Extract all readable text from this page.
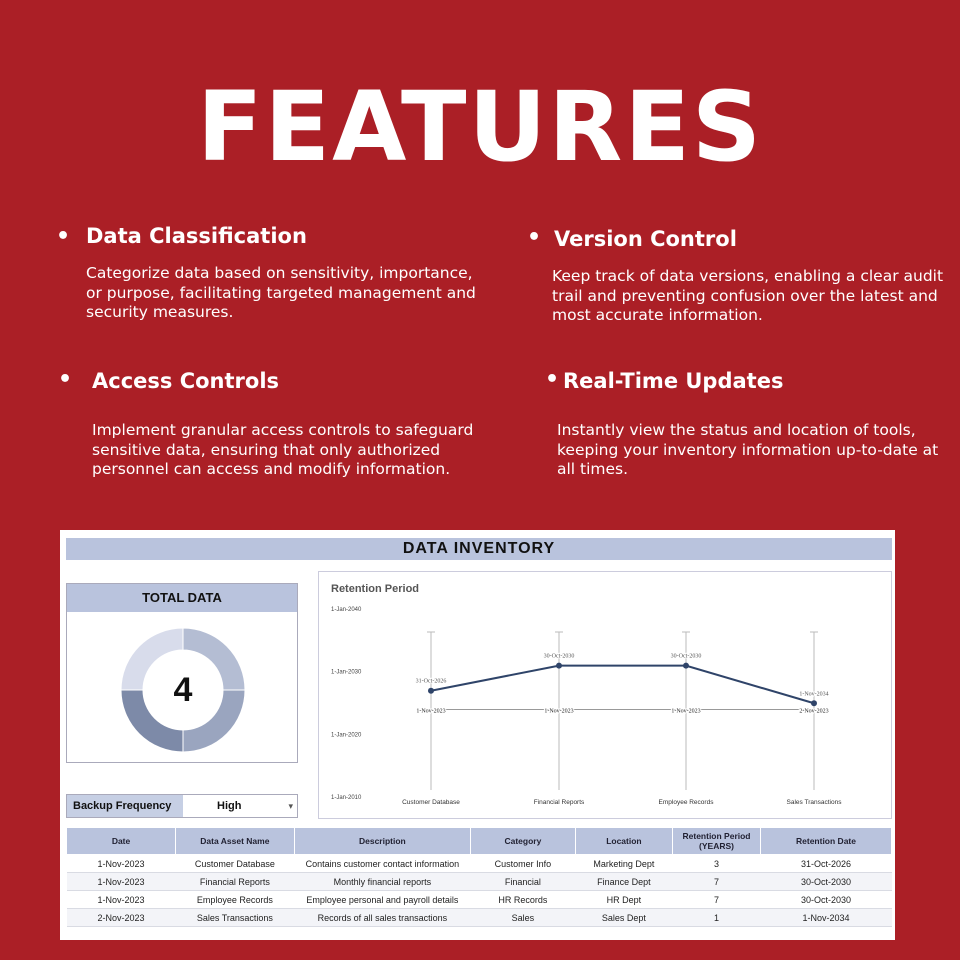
FEATURES
• Data Classification

Categorize data based on sensitivity, importance, or purpose, facilitating targeted management and security measures.

• Version Control

Keep track of data versions, enabling a clear audit trail and preventing confusion over the latest and most accurate information.

• Access Controls

Implement granular access controls to safeguard sensitive data, ensuring that only authorized personnel can access and modify information.

• Real-Time Updates

Instantly view the status and location of tools, keeping your inventory information up-to-date at all times.

DATA INVENTORY
TOTAL DATA
4
Retention Period
1-Jan-2040
1-Jan-2030
1-Jan-2020
1-Jan-2010
Customer Database	Financial Reports	Employee Records	Sales Transactions
31-Oct-2026
30-Oct-2030	30-Oct-2030
1-Nov-2034
1-Nov-2023	1-Nov-2023	1-Nov-2023	2-Nov-2023
Backup Frequency	High	▾
Date	Data Asset Name	Description	Category	Location	Retention Period (YEARS)	Retention Date
1-Nov-2023	Customer Database	Contains customer contact information	Customer Info	Marketing Dept	3	31-Oct-2026
1-Nov-2023	Financial Reports	Monthly financial reports	Financial	Finance Dept	7	30-Oct-2030
1-Nov-2023	Employee Records	Employee personal and payroll details	HR Records	HR Dept	7	30-Oct-2030
2-Nov-2023	Sales Transactions	Records of all sales transactions	Sales	Sales Dept	1	1-Nov-2034
